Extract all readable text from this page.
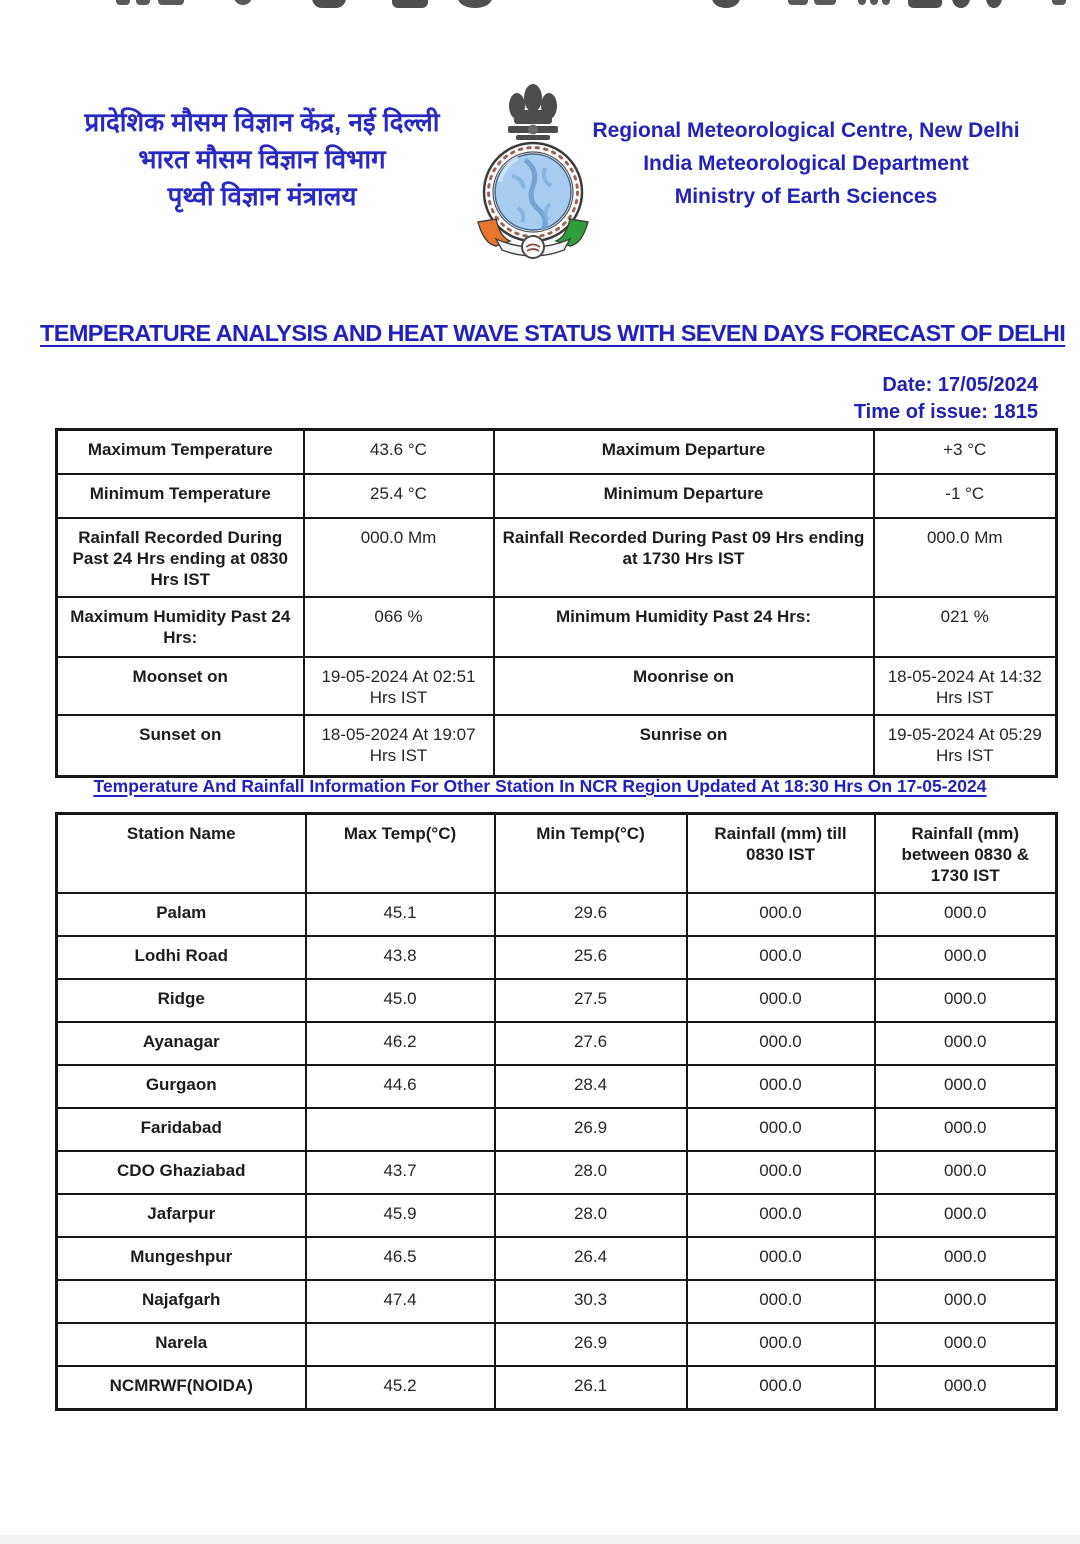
प्रादेशिक मौसम विज्ञान केंद्र, नई दिल्ली
भारत मौसम विज्ञान विभाग
पृथ्वी विज्ञान मंत्रालय
Regional Meteorological Centre, New Delhi
India Meteorological Department
Ministry of Earth Sciences
TEMPERATURE ANALYSIS AND HEAT WAVE STATUS WITH SEVEN DAYS FORECAST OF DELHI
Date: 17/05/2024
Time of issue: 1815
Maximum Temperature	43.6 °C	Maximum Departure	+3 °C
Minimum Temperature	25.4 °C	Minimum Departure	-1 °C
Rainfall Recorded During Past 24 Hrs ending at 0830 Hrs IST	000.0 Mm	Rainfall Recorded During Past 09 Hrs ending at 1730 Hrs IST	000.0 Mm
Maximum Humidity Past 24 Hrs:	066 %	Minimum Humidity Past 24 Hrs:	021 %
Moonset on	19-05-2024 At 02:51 Hrs IST	Moonrise on	18-05-2024 At 14:32 Hrs IST
Sunset on	18-05-2024 At 19:07 Hrs IST	Sunrise on	19-05-2024 At 05:29 Hrs IST
Temperature And Rainfall Information For Other Station In NCR Region Updated At 18:30 Hrs On 17-05-2024
Station Name	Max Temp(°C)	Min Temp(°C)	Rainfall (mm) till 0830 IST	Rainfall (mm) between 0830 & 1730 IST
Palam	45.1	29.6	000.0	000.0
Lodhi Road	43.8	25.6	000.0	000.0
Ridge	45.0	27.5	000.0	000.0
Ayanagar	46.2	27.6	000.0	000.0
Gurgaon	44.6	28.4	000.0	000.0
Faridabad		26.9	000.0	000.0
CDO Ghaziabad	43.7	28.0	000.0	000.0
Jafarpur	45.9	28.0	000.0	000.0
Mungeshpur	46.5	26.4	000.0	000.0
Najafgarh	47.4	30.3	000.0	000.0
Narela		26.9	000.0	000.0
NCMRWF(NOIDA)	45.2	26.1	000.0	000.0
